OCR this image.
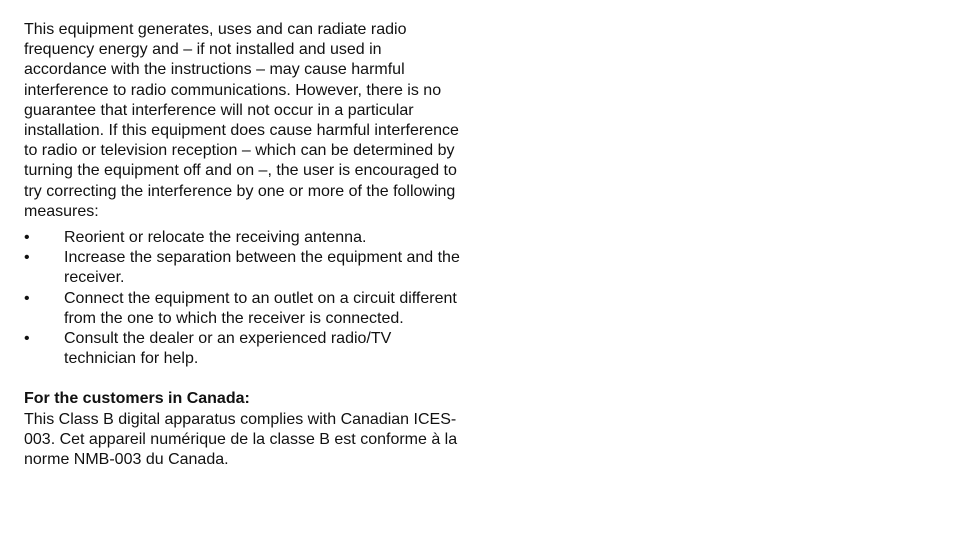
This equipment generates, uses and can radiate radio frequency energy and – if not installed and used in accordance with the instructions – may cause harmful interference to radio communications. However, there is no guarantee that interference will not occur in a particular installation. If this equipment does cause harmful interference to radio or television reception – which can be determined by turning the equipment off and on –, the user is encouraged to try correcting the interference by one or more of the following measures:

•	Reorient or relocate the receiving antenna.
•	Increase the separation between the equipment and the receiver.
•	Connect the equipment to an outlet on a circuit different from the one to which the receiver is connected.
•	Consult the dealer or an experienced radio/TV technician for help.

For the customers in Canada:

This Class B digital apparatus complies with Canadian ICES-003. Cet appareil numérique de la classe B est conforme à la norme NMB-003 du Canada.
